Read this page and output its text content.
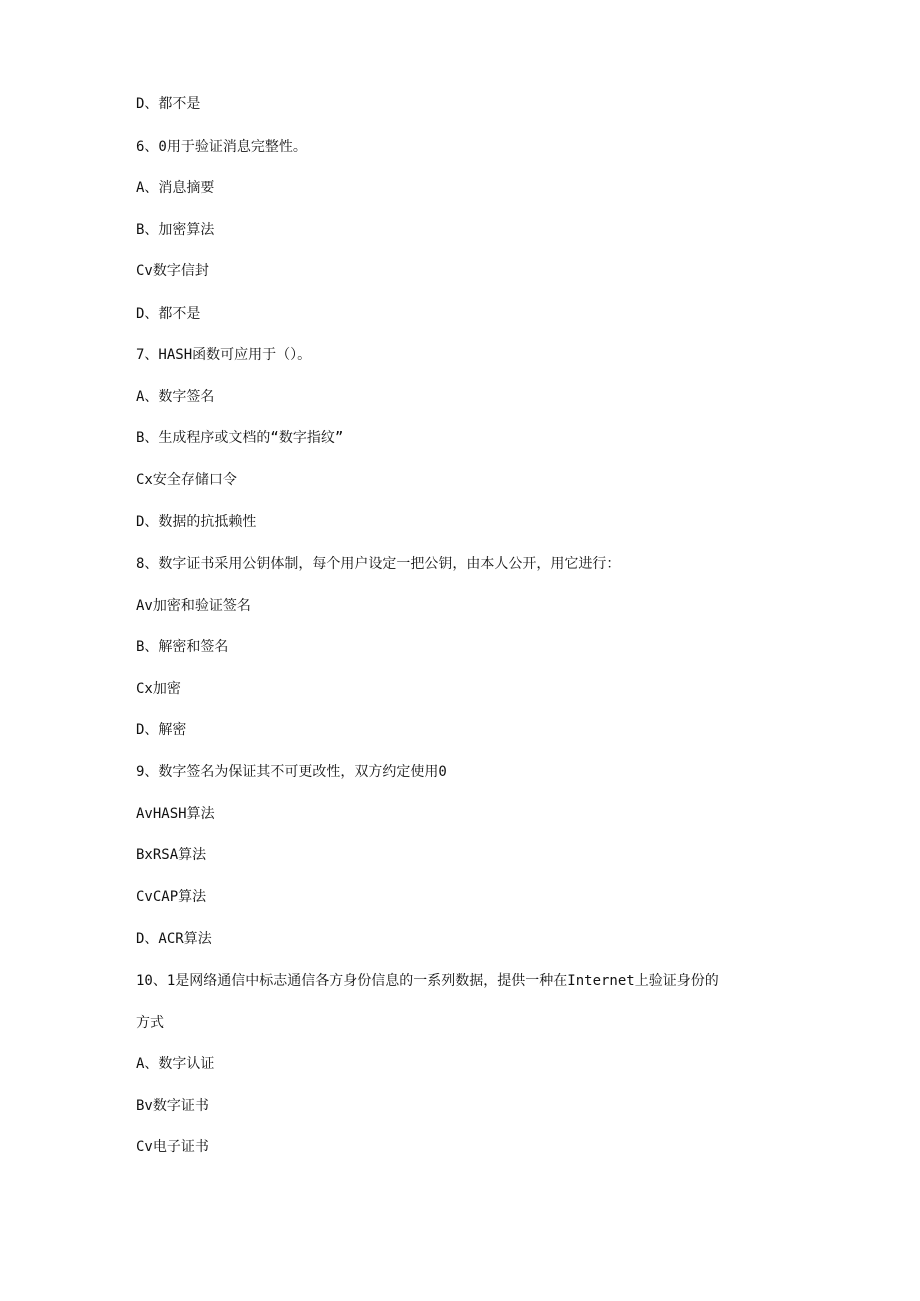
D、都不是

6、0用于验证消息完整性。

A、消息摘要

B、加密算法

Cv数字信封

D、都不是

7、HASH函数可应用于（）。

A、数字签名

B、生成程序或文档的“数字指纹”

Cx安全存储口令

D、数据的抗抵赖性

8、数字证书采用公钥体制，每个用户设定一把公钥，由本人公开，用它进行：

Av加密和验证签名

B、解密和签名

Cx加密

D、解密

9、数字签名为保证其不可更改性，双方约定使用0

AvHASH算法

BxRSA算法

CvCAP算法

D、ACR算法

10、1是网络通信中标志通信各方身份信息的一系列数据，提供一种在Internet上验证身份的

方式

A、数字认证

Bv数字证书

Cv电子证书
